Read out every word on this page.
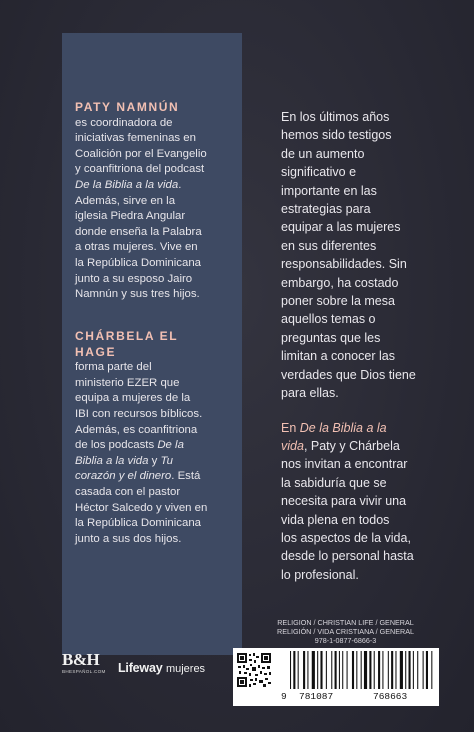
PATY NAMNÚN
es coordinadora de
iniciativas femeninas en
Coalición por el Evangelio
y coanfitriona del podcast
De la Biblia a la vida.
Además, sirve en la
iglesia Piedra Angular
donde enseña la Palabra
a otras mujeres. Vive en
la República Dominicana
junto a su esposo Jairo
Namnún y sus tres hijos.
CHÁRBELA EL
HAGE
forma parte del
ministerio EZER que
equipa a mujeres de la
IBI con recursos bíblicos.
Además, es coanfitriona
de los podcasts De la
Biblia a la vida y Tu
corazón y el dinero. Está
casada con el pastor
Héctor Salcedo y viven en
la República Dominicana
junto a sus dos hijos.

En los últimos años
hemos sido testigos
de un aumento
significativo e
importante en las
estrategias para
equipar a las mujeres
en sus diferentes
responsabilidades. Sin
embargo, ha costado
poner sobre la mesa
aquellos temas o
preguntas que les
limitan a conocer las
verdades que Dios tiene
para ellas.

En De la Biblia a la
vida, Paty y Chárbela
nos invitan a encontrar
la sabiduría que se
necesita para vivir una
vida plena en todos
los aspectos de la vida,
desde lo personal hasta
lo profesional.

RELIGION / CHRISTIAN LIFE / GENERAL
RELIGIÓN / VIDA CRISTIANA / GENERAL
978-1-0877-6866-3
B&H
BHESPAÑOL.COM Lifeway mujeres
9 781087	768663
